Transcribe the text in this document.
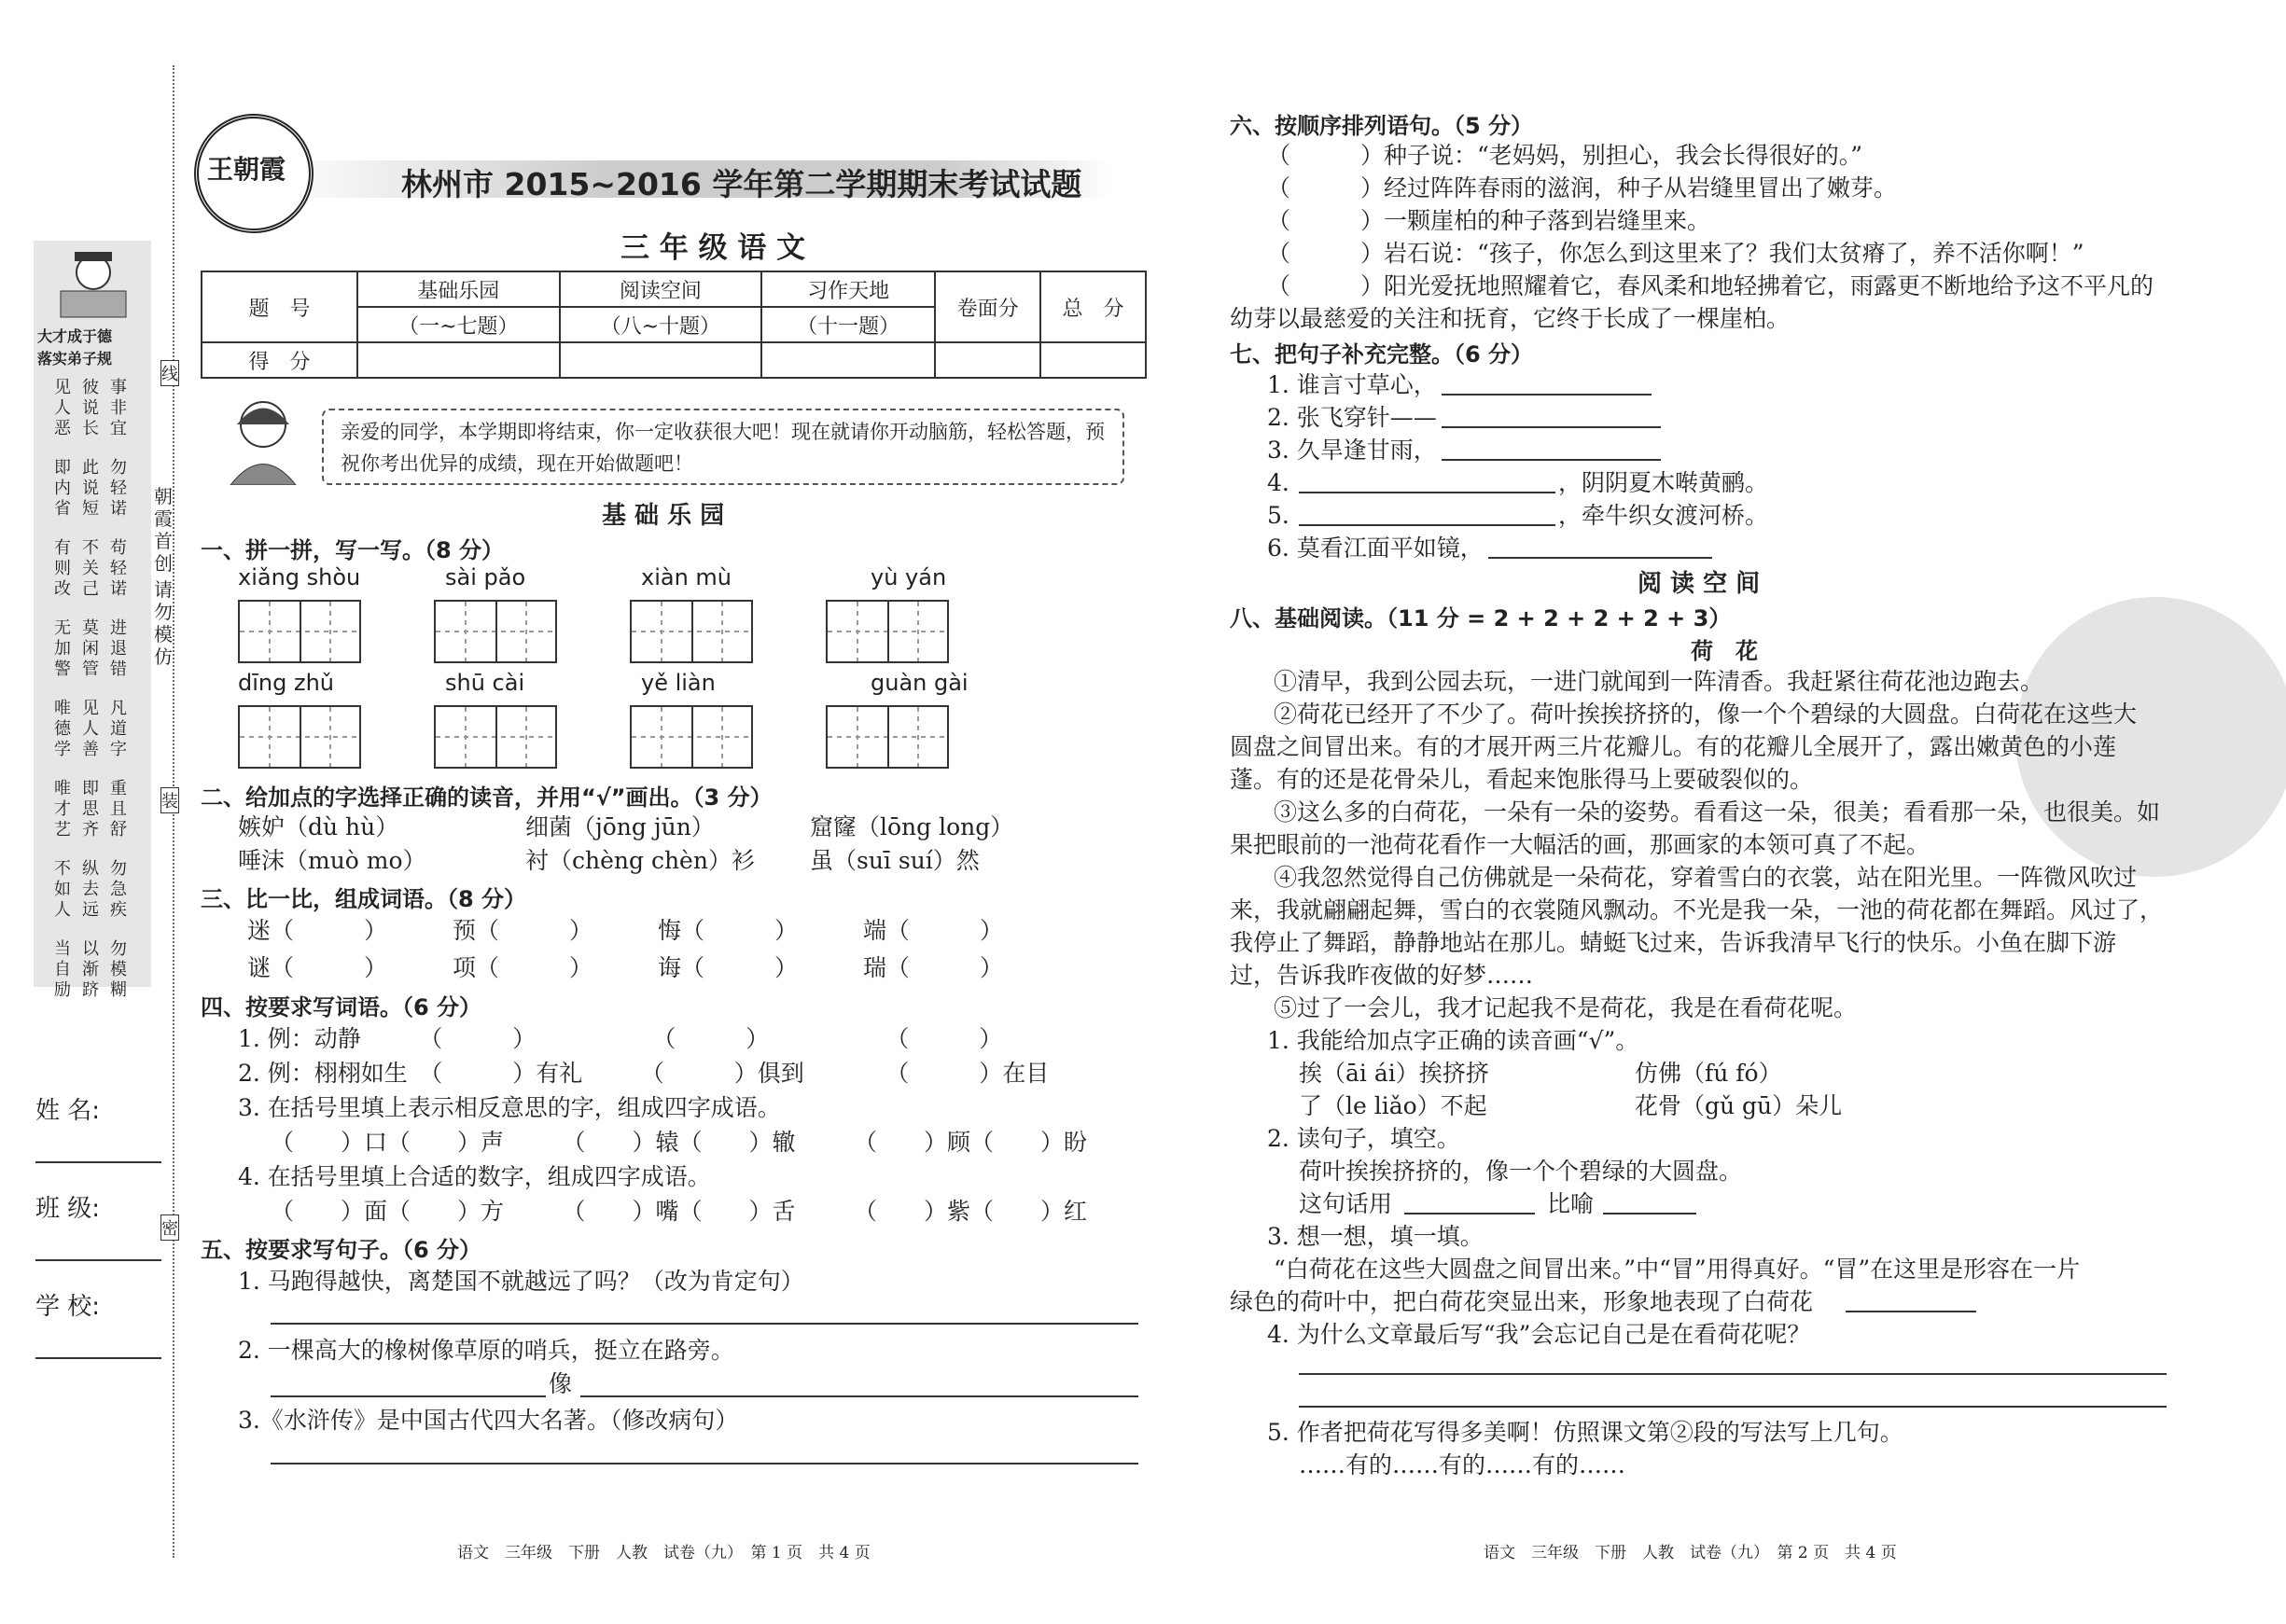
大才成于德
落实弟子规
见人恶
彼说长
事非宜
即内省
此说短
勿轻诺
有则改
不关己
苟轻诺
无加警
莫闲管
进退错
唯德学
见人善
凡道字
唯才艺
即思齐
重且舒
不如人
纵去远
勿急疾
当自励
以渐跻
勿模糊
姓 名:
班 级:
学 校:
线
装
密
朝霞首创
请勿模仿
王朝霞	林州市 2015~2016 学年第二学期期末考试试题
三 年 级 语 文
题　号	基础乐园	阅读空间	习作天地	卷面分	总　分
	（一~七题）	（八~十题）	（十一题）		
得　分					
亲爱的同学，本学期即将结束，你一定收获很大吧！现在就请你开动脑筋，轻松答题，预祝你考出优异的成绩，现在开始做题吧！
基 础 乐 园
一、拼一拼，写一写。（8 分）
xiǎng shòu	sài pǎo	xiàn mù	yù yán
dīng zhǔ	shū cài	yě liàn	guàn gài
二、给加点的字选择正确的读音，并用“√”画出。（3 分）
嫉妒（dù hù）	细菌（jōng jūn）	窟窿（lōng long）
唾沫（muò mo）	衬（chèng chèn）衫 虽（suī suí）然
三、比一比，组成词语。（8 分）
迷（　　　）	预（　　　）	悔（　　　）	端（　　　）
谜（　　　）	项（　　　）	诲（　　　）	瑞（　　　）
四、按要求写词语。（6 分）
1. 例：动静　　　（　　　）　　　　　　（　　　）　　　　　　（　　　）
2. 例：栩栩如生　（　　　）有礼　　　（　　　）俱到　　　　（　　　）在目
3. 在括号里填上表示相反意思的字，组成四字成语。
（　　）口（　　）声　　　（　　）辕（　　）辙　　　（　　）顾（　　）盼
4. 在括号里填上合适的数字，组成四字成语。
（　　）面（　　）方　　　（　　）嘴（　　）舌　　　（　　）紫（　　）红
五、按要求写句子。（6 分）
1. 马跑得越快，离楚国不就越远了吗？（改为肯定句）
2. 一棵高大的橡树像草原的哨兵，挺立在路旁。
像
3.《水浒传》是中国古代四大名著。（修改病句）
语文　三年级　下册　人教　试卷（九）　第 1 页　共 4 页
六、按顺序排列语句。（5 分）
（　　　）种子说：“老妈妈，别担心，我会长得很好的。”
（　　　）经过阵阵春雨的滋润，种子从岩缝里冒出了嫩芽。
（　　　）一颗崖柏的种子落到岩缝里来。
（　　　）岩石说：“孩子，你怎么到这里来了？我们太贫瘠了，养不活你啊！”
（　　　）阳光爱抚地照耀着它，春风柔和地轻拂着它，雨露更不断地给予这不平凡的
幼芽以最慈爱的关注和抚育，它终于长成了一棵崖柏。
七、把句子补充完整。（6 分）
1. 谁言寸草心，
2. 张飞穿针——
3. 久旱逢甘雨，
4.	，阴阴夏木啭黄鹂。
5.	，牵牛织女渡河桥。
6. 莫看江面平如镜，
阅 读 空 间
八、基础阅读。（11 分 = 2 + 2 + 2 + 2 + 3）
荷　花
①清早，我到公园去玩，一进门就闻到一阵清香。我赶紧往荷花池边跑去。
②荷花已经开了不少了。荷叶挨挨挤挤的，像一个个碧绿的大圆盘。白荷花在这些大
圆盘之间冒出来。有的才展开两三片花瓣儿。有的花瓣儿全展开了，露出嫩黄色的小莲
蓬。有的还是花骨朵儿，看起来饱胀得马上要破裂似的。
③这么多的白荷花，一朵有一朵的姿势。看看这一朵，很美；看看那一朵，也很美。如
果把眼前的一池荷花看作一大幅活的画，那画家的本领可真了不起。
④我忽然觉得自己仿佛就是一朵荷花，穿着雪白的衣裳，站在阳光里。一阵微风吹过
来，我就翩翩起舞，雪白的衣裳随风飘动。不光是我一朵，一池的荷花都在舞蹈。风过了，
我停止了舞蹈，静静地站在那儿。蜻蜓飞过来，告诉我清早飞行的快乐。小鱼在脚下游
过，告诉我昨夜做的好梦……
⑤过了一会儿，我才记起我不是荷花，我是在看荷花呢。
1. 我能给加点字正确的读音画“√”。
挨（āi ái）挨挤挤	仿佛（fú fó）
了（le liǎo）不起	花骨（gǔ gū）朵儿
2. 读句子，填空。
荷叶挨挨挤挤的，像一个个碧绿的大圆盘。
这句话用	比喻
3. 想一想，填一填。
“白荷花在这些大圆盘之间冒出来。”中“冒”用得真好。“冒”在这里是形容在一片
绿色的荷叶中，把白荷花突显出来，形象地表现了白荷花
4. 为什么文章最后写“我”会忘记自己是在看荷花呢？
5. 作者把荷花写得多美啊！仿照课文第②段的写法写上几句。
……有的……有的……有的……
语文　三年级　下册　人教　试卷（九）　第 2 页　共 4 页
